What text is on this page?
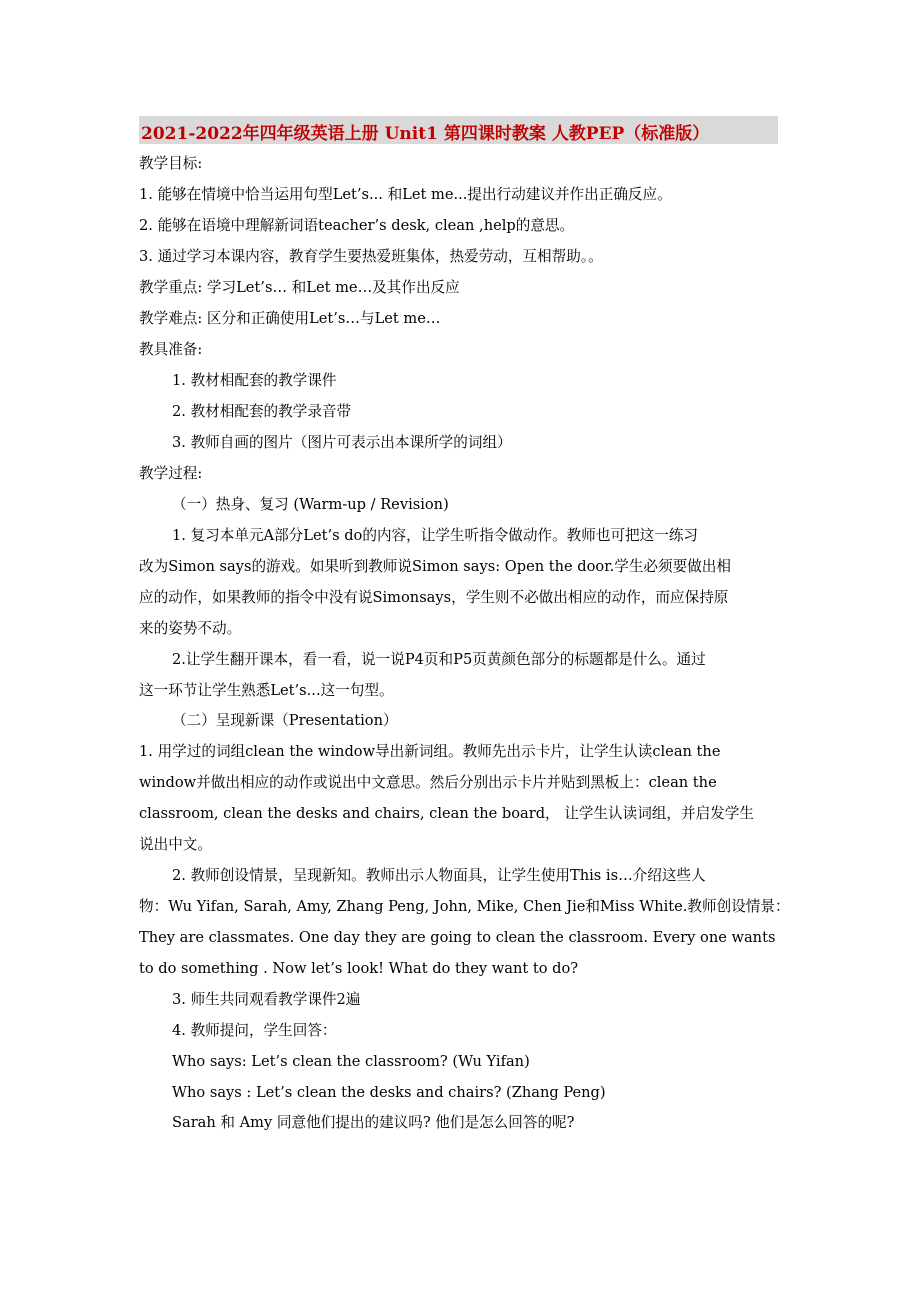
2021-2022年四年级英语上册 Unit1 第四课时教案 人教PEP（标准版）
教学目标:
1. 能够在情境中恰当运用句型Let’s... 和Let me...提出行动建议并作出正确反应。
2. 能够在语境中理解新词语teacher’s desk, clean ,help的意思。
3. 通过学习本课内容，教育学生要热爱班集体，热爱劳动，互相帮助。。
教学重点: 学习Let’s… 和Let me…及其作出反应
教学难点: 区分和正确使用Let’s…与Let me…
教具准备:
1. 教材相配套的教学课件
2. 教材相配套的教学录音带
3. 教师自画的图片（图片可表示出本课所学的词组）
教学过程:
（一）热身、复习 (Warm-up / Revision)
1. 复习本单元A部分Let’s do的内容，让学生听指令做动作。教师也可把这一练习
改为Simon says的游戏。如果听到教师说Simon says: Open the door.学生必须要做出相
应的动作，如果教师的指令中没有说Simonsays，学生则不必做出相应的动作，而应保持原
来的姿势不动。
2.让学生翻开课本，看一看，说一说P4页和P5页黄颜色部分的标题都是什么。通过
这一环节让学生熟悉Let’s...这一句型。
（二）呈现新课（Presentation）
1. 用学过的词组clean the window导出新词组。教师先出示卡片，让学生认读clean the
window并做出相应的动作或说出中文意思。然后分别出示卡片并贴到黑板上：clean the
classroom, clean the desks and chairs, clean the board， 让学生认读词组，并启发学生
说出中文。
2. 教师创设情景，呈现新知。教师出示人物面具，让学生使用This is…介绍这些人
物：Wu Yifan, Sarah, Amy, Zhang Peng, John, Mike, Chen Jie和Miss White.教师创设情景：
They are classmates. One day they are going to clean the classroom. Every one wants
to do something . Now let’s look! What do they want to do?
3. 师生共同观看教学课件2遍
4. 教师提问，学生回答：
Who says: Let’s clean the classroom? (Wu Yifan)
Who says : Let’s clean the desks and chairs? (Zhang Peng)
Sarah 和 Amy 同意他们提出的建议吗? 他们是怎么回答的呢?
